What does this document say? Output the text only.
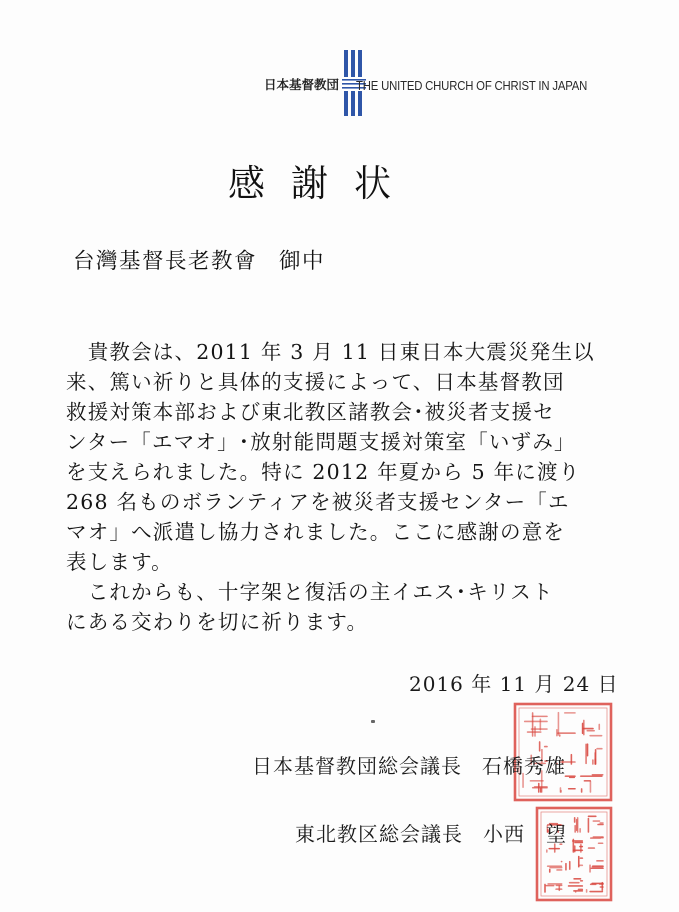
日本基督教団 THE UNITED CHURCH OF CHRIST IN JAPAN
感謝状
台灣基督長老教會 御中
　貴教会は、2011 年 3 月 11 日東日本大震災発生以
来、篤い祈りと具体的支援によって、日本基督教団
救援対策本部および東北教区諸教会･被災者支援セ
ンター「エマオ」･放射能問題支援対策室「いずみ」
を支えられました。特に 2012 年夏から 5 年に渡り
268 名ものボランティアを被災者支援センター「エ
マオ」へ派遣し協力されました。ここに感謝の意を
表します。
　これからも、十字架と復活の主イエス･キリスト
にある交わりを切に祈ります。
2016 年 11 月 24 日
日本基督教団総会議長 石橋秀雄
東北教区総会議長 小西　望
